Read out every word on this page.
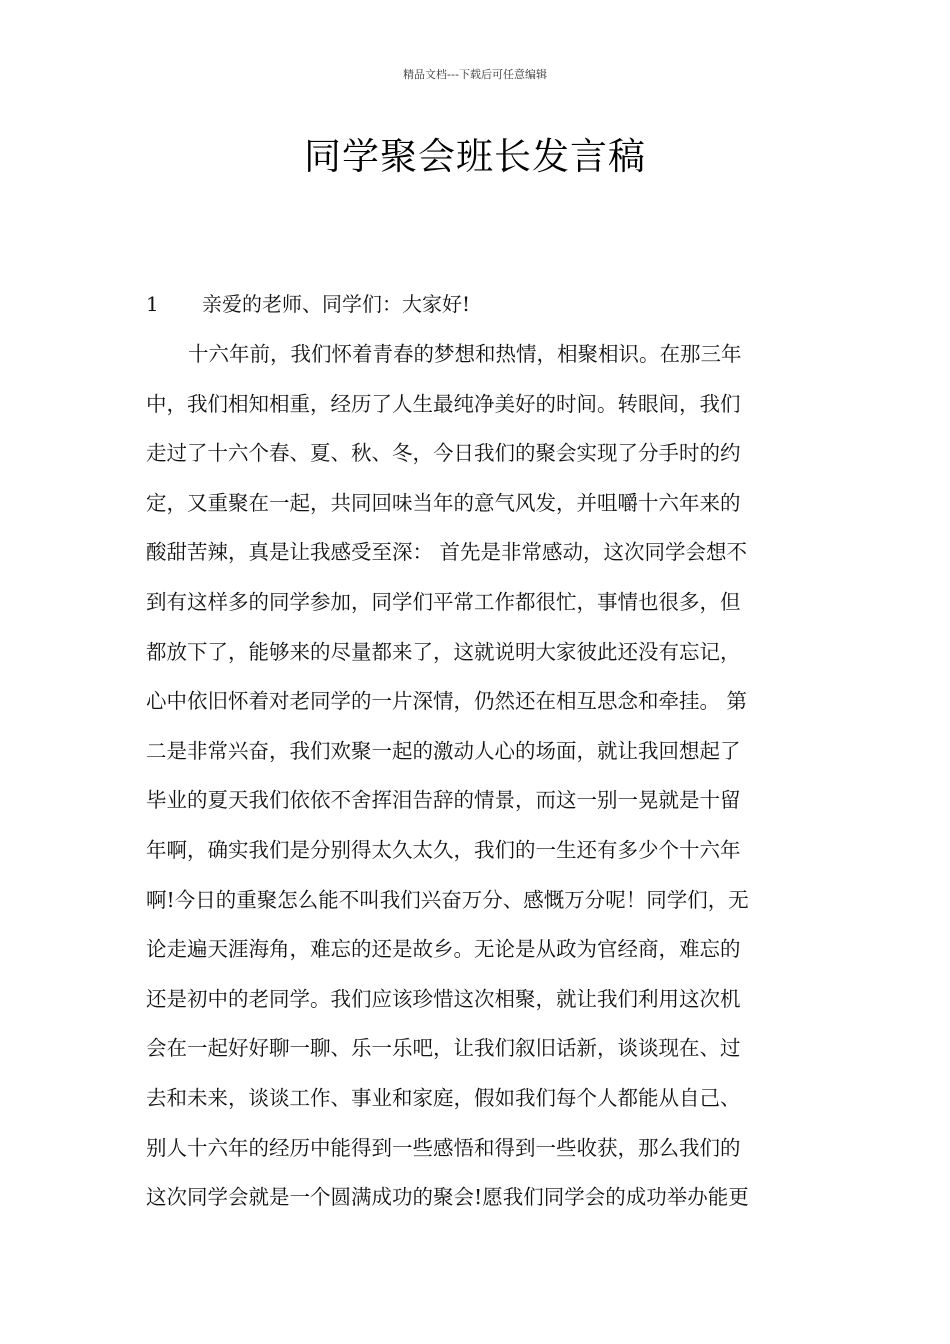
精品文档---下载后可任意编辑
同学聚会班长发言稿
1 亲爱的老师、同学们：大家好!
十六年前，我们怀着青春的梦想和热情，相聚相识。在那三年
中，我们相知相重，经历了人生最纯净美好的时间。转眼间，我们
走过了十六个春、夏、秋、冬，今日我们的聚会实现了分手时的约
定，又重聚在一起，共同回味当年的意气风发，并咀嚼十六年来的
酸甜苦辣，真是让我感受至深： 首先是非常感动，这次同学会想不
到有这样多的同学参加，同学们平常工作都很忙，事情也很多，但
都放下了，能够来的尽量都来了，这就说明大家彼此还没有忘记，
心中依旧怀着对老同学的一片深情，仍然还在相互思念和牵挂。 第
二是非常兴奋，我们欢聚一起的激动人心的场面，就让我回想起了
毕业的夏天我们依依不舍挥泪告辞的情景，而这一别一晃就是十留
年啊，确实我们是分别得太久太久，我们的一生还有多少个十六年
啊!今日的重聚怎么能不叫我们兴奋万分、感慨万分呢！同学们，无
论走遍天涯海角，难忘的还是故乡。无论是从政为官经商，难忘的
还是初中的老同学。我们应该珍惜这次相聚，就让我们利用这次机
会在一起好好聊一聊、乐一乐吧，让我们叙旧话新，谈谈现在、过
去和未来，谈谈工作、事业和家庭，假如我们每个人都能从自己、
别人十六年的经历中能得到一些感悟和得到一些收获，那么我们的
这次同学会就是一个圆满成功的聚会!愿我们同学会的成功举办能更
